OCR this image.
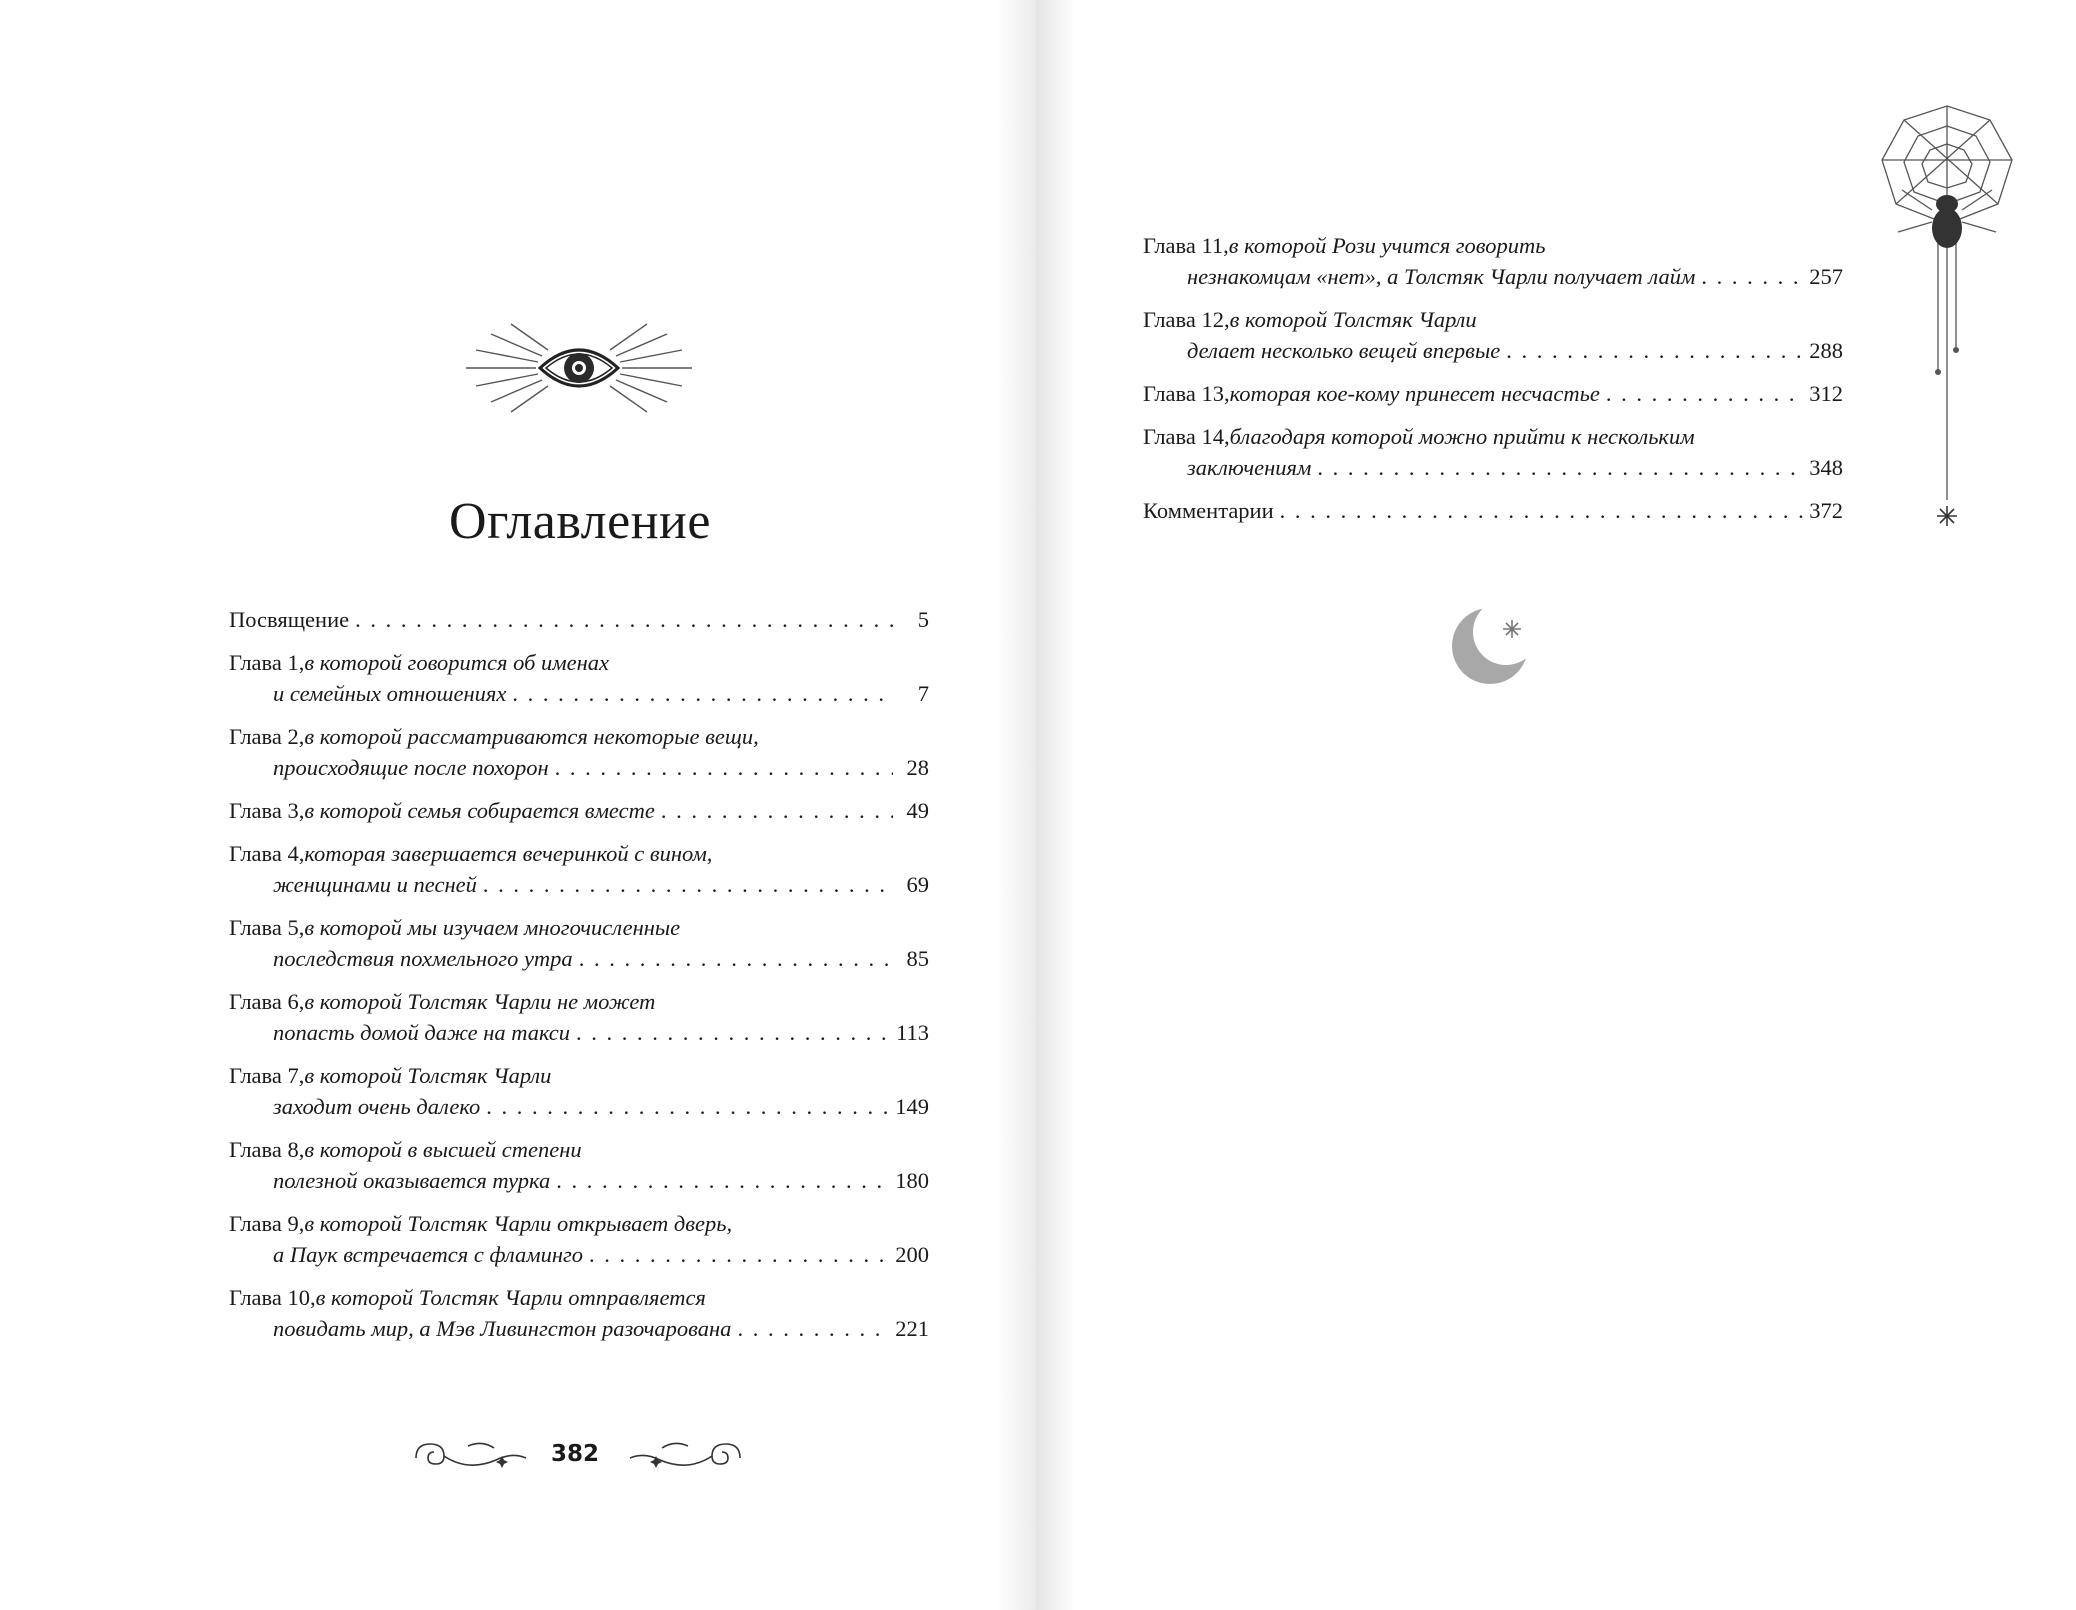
Оглавление
Посвящение . . .	5
Глава 1, в которой говорится об именах
и семейных отношениях . . .	7
Глава 2, в которой рассматриваются некоторые вещи,
происходящие после похорон . . .	28
Глава 3, в которой семья собирается вместе . . .	49
Глава 4, которая завершается вечеринкой с вином,
женщинами и песней . . .	69
Глава 5, в которой мы изучаем многочисленные
последствия похмельного утра . . .	85
Глава 6, в которой Толстяк Чарли не может
попасть домой даже на такси . . .	113
Глава 7, в которой Толстяк Чарли
заходит очень далеко . . .	149
Глава 8, в которой в высшей степени
полезной оказывается турка . . .	180
Глава 9, в которой Толстяк Чарли открывает дверь,
а Паук встречается с фламинго . . .	200
Глава 10, в которой Толстяк Чарли отправляется
повидать мир, а Мэв Ливингстон разочарована . . .	221
382
Глава 11, в которой Рози учится говорить
незнакомцам «нет», а Толстяк Чарли получает лайм . . .	257
Глава 12, в которой Толстяк Чарли
делает несколько вещей впервые . . .	288
Глава 13, которая кое-кому принесет несчастье . . .	312
Глава 14, благодаря которой можно прийти к нескольким
заключениям . . .	348
Комментарии . . .	372
